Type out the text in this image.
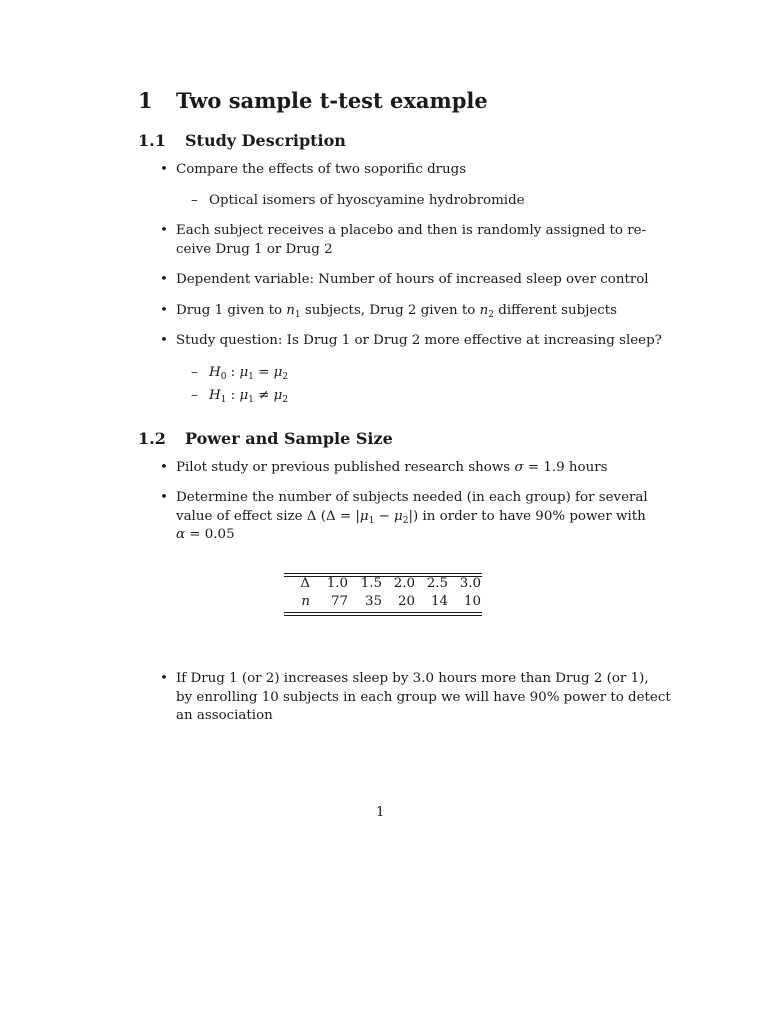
1 Two sample t-test example
1.1 Study Description
• Compare the effects of two soporific drugs
– Optical isomers of hyoscyamine hydrobromide
• Each subject receives a placebo and then is randomly assigned to re-
ceive Drug 1 or Drug 2
• Dependent variable: Number of hours of increased sleep over control
• Drug 1 given to $n_1$ subjects, Drug 2 given to $n_2$ different subjects
• Study question: Is Drug 1 or Drug 2 more effective at increasing sleep?
– $H_0$ : $\mu_1 = \mu_2$
– $H_1$ : $\mu_1 \ne \mu_2$
1.2 Power and Sample Size
• Pilot study or previous published research shows σ = 1.9 hours
• Determine the number of subjects needed (in each group) for several
value of effect size Δ $(\Delta = |\mu_1 - \mu_2|)$ in order to have 90% power with
α = 0.05
Δ	1.0 1.5 2.0 2.5 3.0
n	77	35	20	14	10
• If Drug 1 (or 2) increases sleep by 3.0 hours more than Drug 2 (or 1),
by enrolling 10 subjects in each group we will have 90% power to detect
an association
1
